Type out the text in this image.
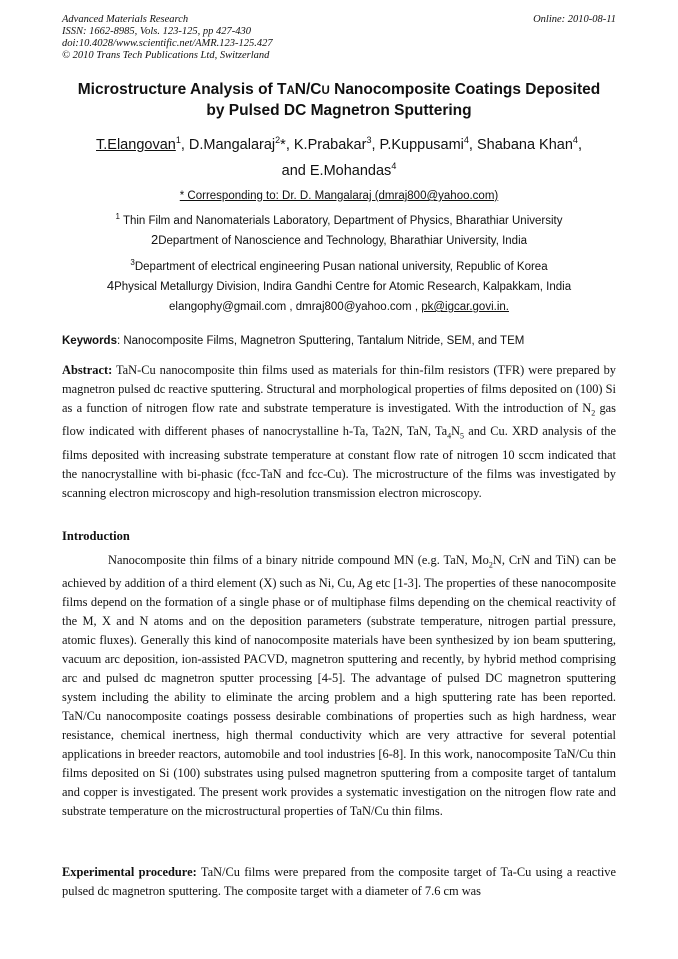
Advanced Materials Research
ISSN: 1662-8985, Vols. 123-125, pp 427-430
doi:10.4028/www.scientific.net/AMR.123-125.427
© 2010 Trans Tech Publications Ltd, Switzerland
Online: 2010-08-11
Microstructure Analysis of TAN/CU Nanocomposite Coatings Deposited
by Pulsed DC Magnetron Sputtering
T.Elangovan$^1$, D.Mangalaraj$^2$*, K.Prabakar$^3$, P.Kuppusami$^4$, Shabana Khan$^4$,
and E.Mohandas$^4$
* Corresponding to: Dr. D. Mangalaraj (dmraj800@yahoo.com)
$^1$ Thin Film and Nanomaterials Laboratory, Department of Physics, Bharathiar University
2Department of Nanoscience and Technology, Bharathiar University, India
$^3$Department of electrical engineering Pusan national university, Republic of Korea
4Physical Metallurgy Division, Indira Gandhi Centre for Atomic Research, Kalpakkam, India
elangophy@gmail.com , dmraj800@yahoo.com , pk@igcar.govi.in.
Keywords: Nanocomposite Films, Magnetron Sputtering, Tantalum Nitride, SEM, and TEM
Abstract: TaN-Cu nanocomposite thin films used as materials for thin-film resistors (TFR) were prepared by magnetron pulsed dc reactive sputtering. Structural and morphological properties of films deposited on (100) Si as a function of nitrogen flow rate and substrate temperature is investigated. With the introduction of $N_2$ gas flow indicated with different phases of nanocrystalline h-Ta, Ta2N, TaN, $Ta_4N_5$ and Cu. XRD analysis of the films deposited with increasing substrate temperature at constant flow rate of nitrogen 10 sccm indicated that the nanocrystalline with bi-phasic (fcc-TaN and fcc-Cu). The microstructure of the films was investigated by scanning electron microscopy and high-resolution transmission electron microscopy.
Introduction
Nanocomposite thin films of a binary nitride compound MN (e.g. TaN, $Mo_2N$, CrN and TiN) can be achieved by addition of a third element (X) such as Ni, Cu, Ag etc [1-3]. The properties of these nanocomposite films depend on the formation of a single phase or of multiphase films depending on the chemical reactivity of the M, X and N atoms and on the deposition parameters (substrate temperature, nitrogen partial pressure, atomic fluxes). Generally this kind of nanocomposite materials have been synthesized by ion beam sputtering, vacuum arc deposition, ion-assisted PACVD, magnetron sputtering and recently, by hybrid method comprising arc and pulsed dc magnetron sputter processing [4-5]. The advantage of pulsed DC magnetron sputtering system including the ability to eliminate the arcing problem and a high sputtering rate has been reported. TaN/Cu nanocomposite coatings possess desirable combinations of properties such as high hardness, wear resistance, chemical inertness, high thermal conductivity which are very attractive for several potential applications in breeder reactors, automobile and tool industries [6-8]. In this work, nanocomposite TaN/Cu thin films deposited on Si (100) substrates using pulsed magnetron sputtering from a composite target of tantalum and copper is investigated. The present work provides a systematic investigation on the nitrogen flow rate and substrate temperature on the microstructural properties of TaN/Cu thin films.
Experimental procedure: TaN/Cu films were prepared from the composite target of Ta-Cu using a reactive pulsed dc magnetron sputtering. The composite target with a diameter of 7.6 cm was
